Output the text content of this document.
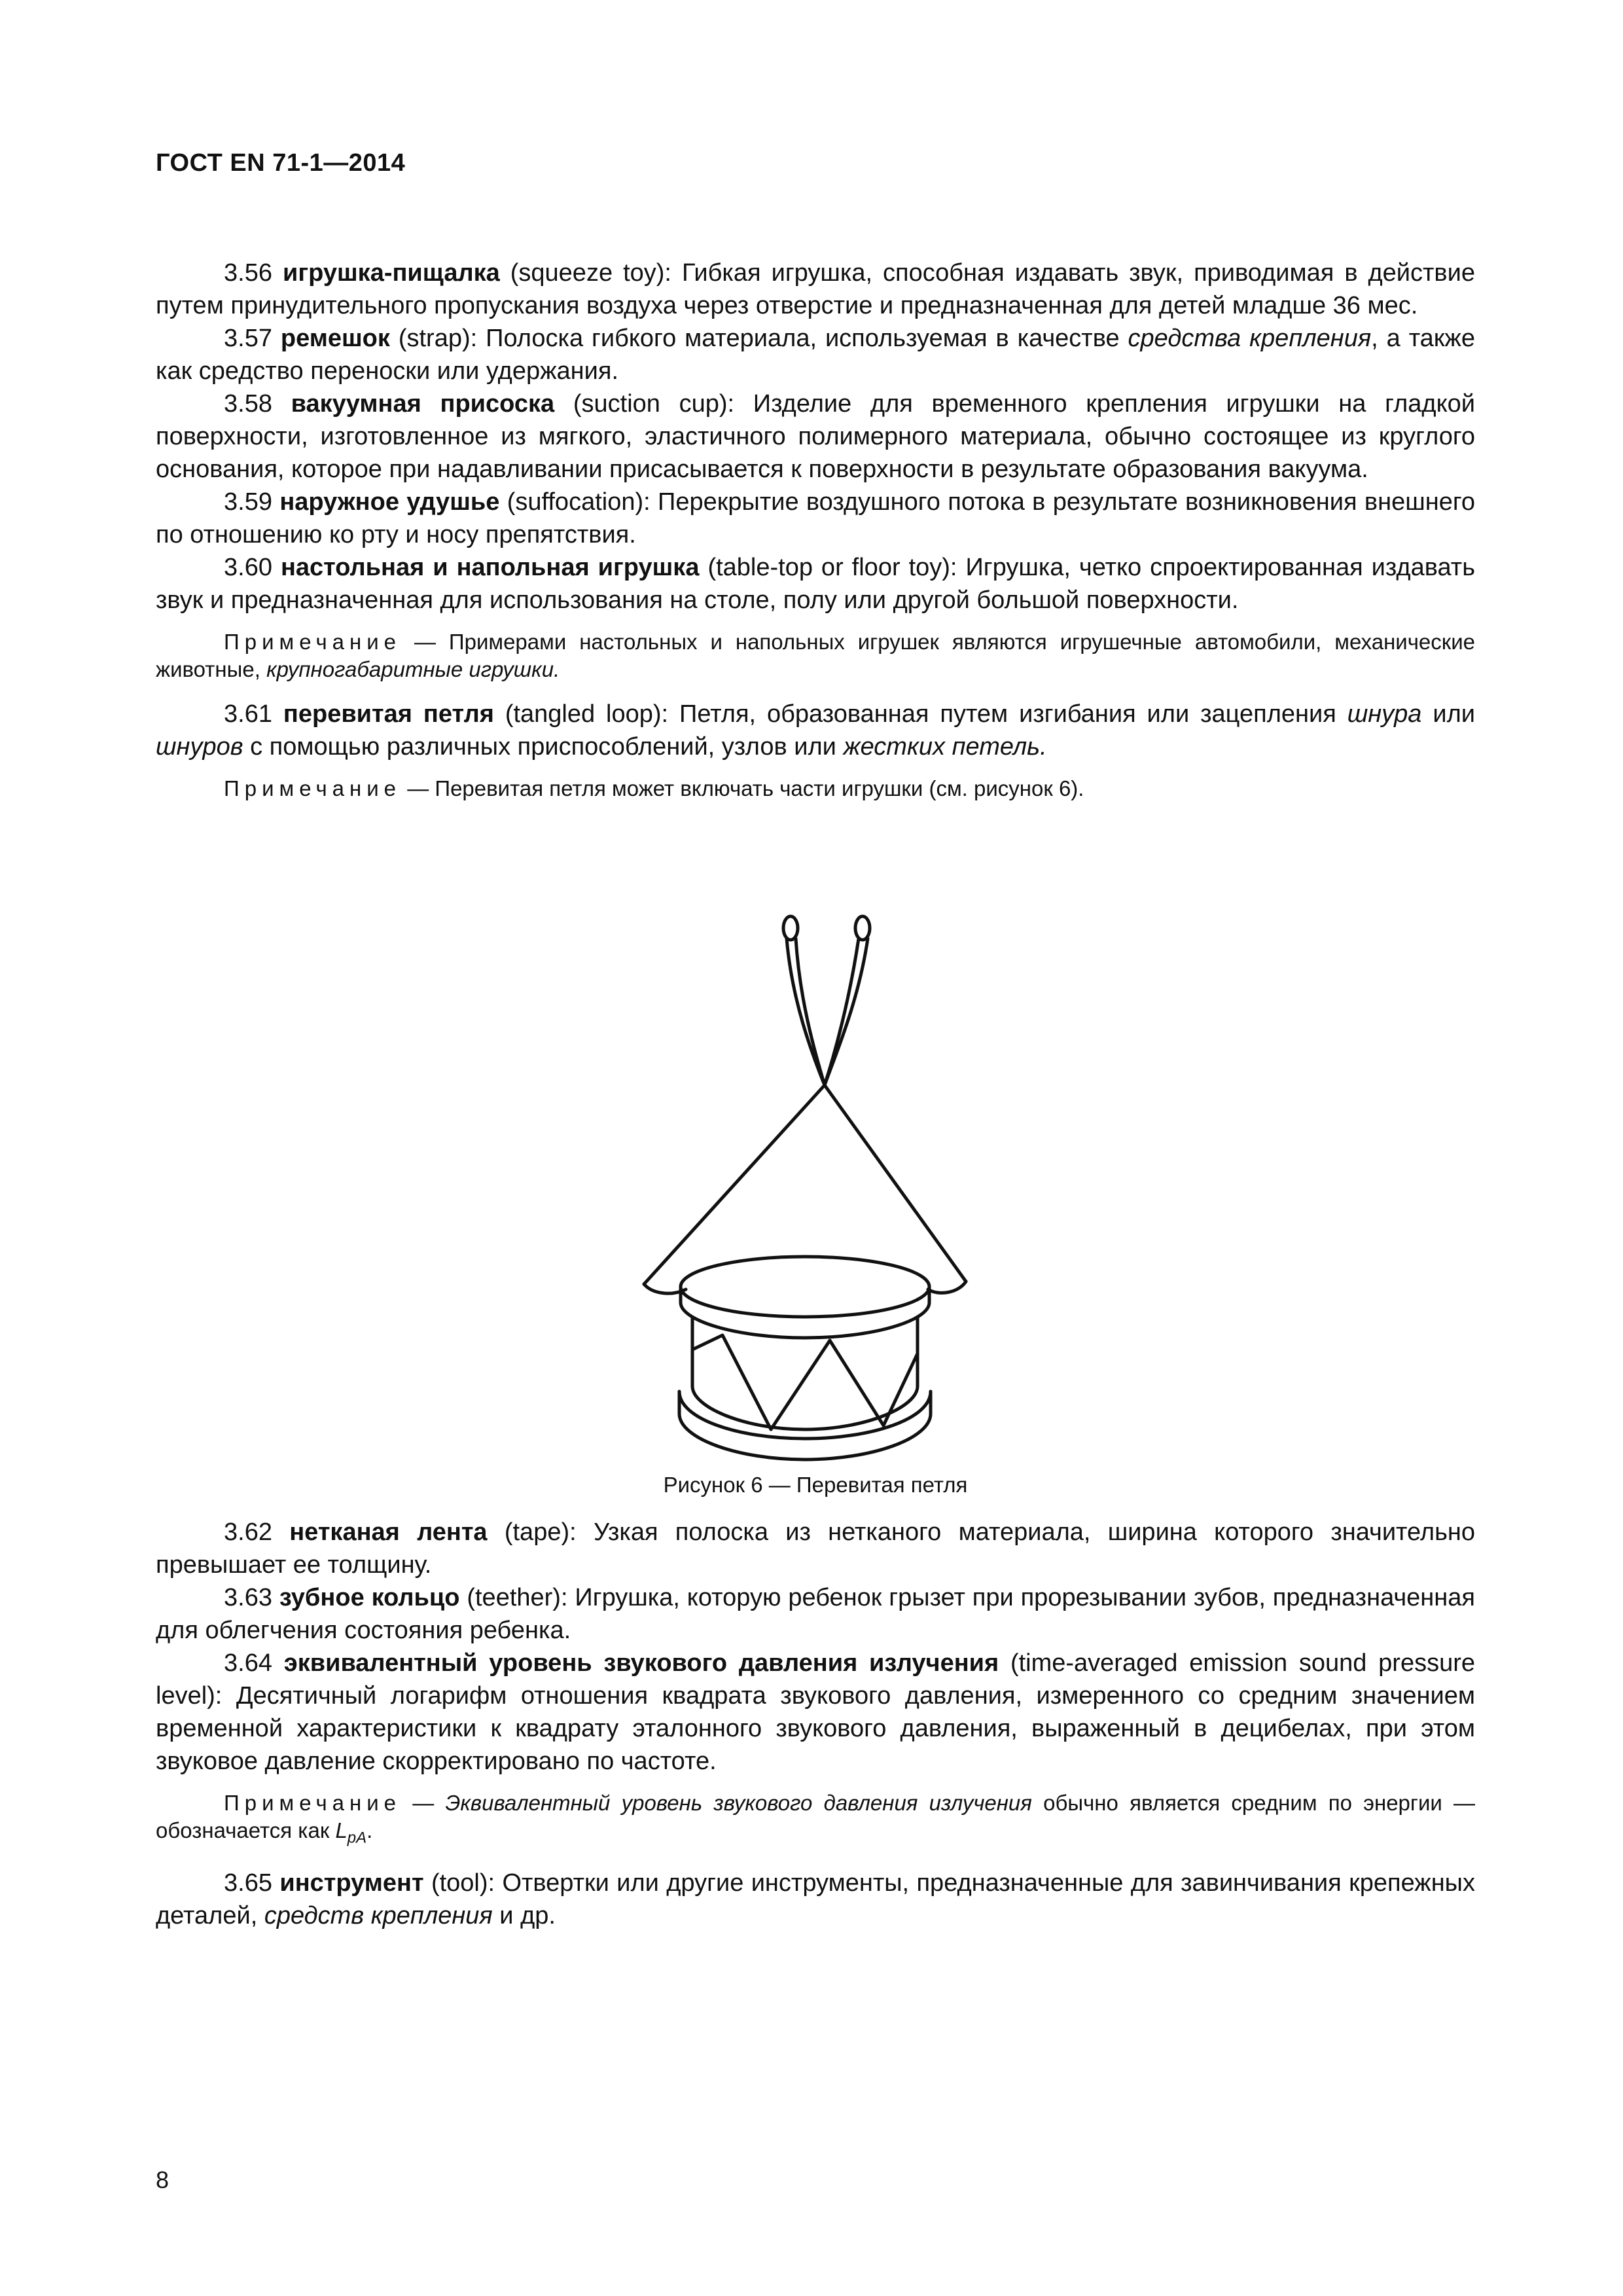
ГОСТ EN 71-1—2014

3.56 игрушка-пищалка (squeeze toy): Гибкая игрушка, способная издавать звук, приводимая в действие путем принудительного пропускания воздуха через отверстие и предназначенная для детей младше 36 мес.

3.57 ремешок (strap): Полоска гибкого материала, используемая в качестве средства крепления, а также как средство переноски или удержания.

3.58 вакуумная присоска (suction cup): Изделие для временного крепления игрушки на гладкой поверхности, изготовленное из мягкого, эластичного полимерного материала, обычно состоящее из круглого основания, которое при надавливании присасывается к поверхности в результате образования вакуума.

3.59 наружное удушье (suffocation): Перекрытие воздушного потока в результате возникновения внешнего по отношению ко рту и носу препятствия.

3.60 настольная и напольная игрушка (table-top or floor toy): Игрушка, четко спроектированная издавать звук и предназначенная для использования на столе, полу или другой большой поверхности.

Примечание — Примерами настольных и напольных игрушек являются игрушечные автомобили, механические животные, крупногабаритные игрушки.

3.61 перевитая петля (tangled loop): Петля, образованная путем изгибания или зацепления шнура или шнуров с помощью различных приспособлений, узлов или жестких петель.

Примечание — Перевитая петля может включать части игрушки (см. рисунок 6).

Рисунок 6 — Перевитая петля

3.62 нетканая лента (tape): Узкая полоска из нетканого материала, ширина которого значительно превышает ее толщину.

3.63 зубное кольцо (teether): Игрушка, которую ребенок грызет при прорезывании зубов, предназначенная для облегчения состояния ребенка.

3.64 эквивалентный уровень звукового давления излучения (time-averaged emission sound pressure level): Десятичный логарифм отношения квадрата звукового давления, измеренного со средним значением временной характеристики к квадрату эталонного звукового давления, выраженный в децибелах, при этом звуковое давление скорректировано по частоте.

Примечание — Эквивалентный уровень звукового давления излучения обычно является средним по энергии — обозначается как $L_{pA}$.

3.65 инструмент (tool): Отвертки или другие инструменты, предназначенные для завинчивания крепежных деталей, средств крепления и др.

8
